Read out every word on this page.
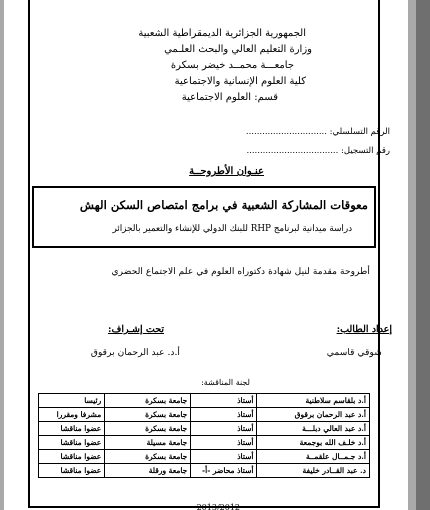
الجمهورية الجزائرية الديمقراطية الشعبية
وزارة التعليم العالي والبحث العلـمي
جامعـــة محمــد خيضر بسكرة
كلية العلوم الإنسانية والاجتماعية
قسم: العلوم الاجتماعية
الرقم التسلسلي: ..............................
رقم التسجيل: ..................................
عنـوان الأطروحــة
معوقات المشاركة الشعبية في برامج امتصاص السكن الهش
دراسة ميدانية لبرنامج RHP للبنك الدولي للإنشاء والتعمير بالجزائر
أطروحة مقدمة لنيل شهادة دكتوراه العلوم في علم الاجتماع الحضري
إعداد الطالب:
تحت إشـراف:
شوقي قاسمي
أ.د. عبد الرحمان برقوق
لجنة المناقشة:
أ.د بلقاسم سلاطنية	أستاذ	جامعة بسكرة	رئيسا
أ.د عبد الرحمان برقوق	أستاذ	جامعة بسكرة	مشرفا ومقررا
أ.د عبد العالي دبلـــة	أستاذ	جامعة بسكرة	عضوا مناقشا
أ.د خلـف الله بوجمعة	أستاذ	جامعة مسيلة	عضوا مناقشا
أ.د جـمــال علقمــة	أستاذ	جامعة بسكرة	عضوا مناقشا
د. عبد القــادر خليفة	أستاذ محاضر -أ-	جامعة ورقلة	عضوا مناقشا
2013/2012
